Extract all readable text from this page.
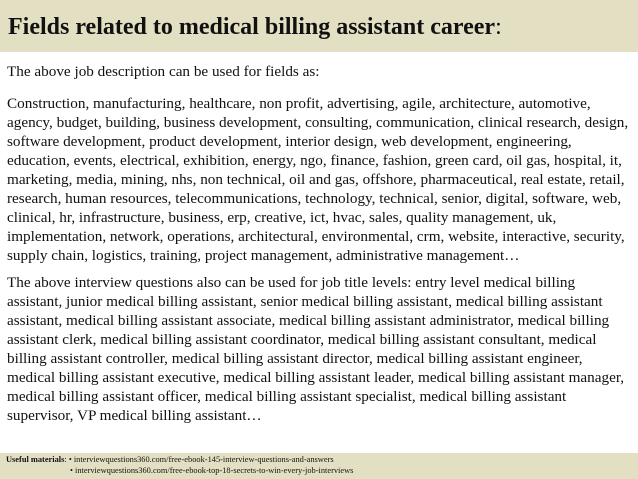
Fields related to medical billing assistant career:

The above job description can be used for fields as:

Construction, manufacturing, healthcare, non profit, advertising, agile, architecture, automotive, agency, budget, building, business development, consulting, communication, clinical research, design, software development, product development, interior design, web development, engineering, education, events, electrical, exhibition, energy, ngo, finance, fashion, green card, oil gas, hospital, it, marketing, media, mining, nhs, non technical, oil and gas, offshore, pharmaceutical, real estate, retail, research, human resources, telecommunications, technology, technical, senior, digital, software, web, clinical, hr, infrastructure, business, erp, creative, ict, hvac, sales, quality management, uk, implementation, network, operations, architectural, environmental, crm, website, interactive, security, supply chain, logistics, training, project management, administrative management…

The above interview questions also can be used for job title levels: entry level medical billing assistant, junior medical billing assistant, senior medical billing assistant, medical billing assistant assistant, medical billing assistant associate, medical billing assistant administrator, medical billing assistant clerk, medical billing assistant coordinator, medical billing assistant consultant, medical billing assistant controller, medical billing assistant director, medical billing assistant engineer, medical billing assistant executive, medical billing assistant leader, medical billing assistant manager, medical billing assistant officer, medical billing assistant specialist, medical billing assistant supervisor, VP medical billing assistant…

Useful materials: • interviewquestions360.com/free-ebook-145-interview-questions-and-answers
• interviewquestions360.com/free-ebook-top-18-secrets-to-win-every-job-interviews
